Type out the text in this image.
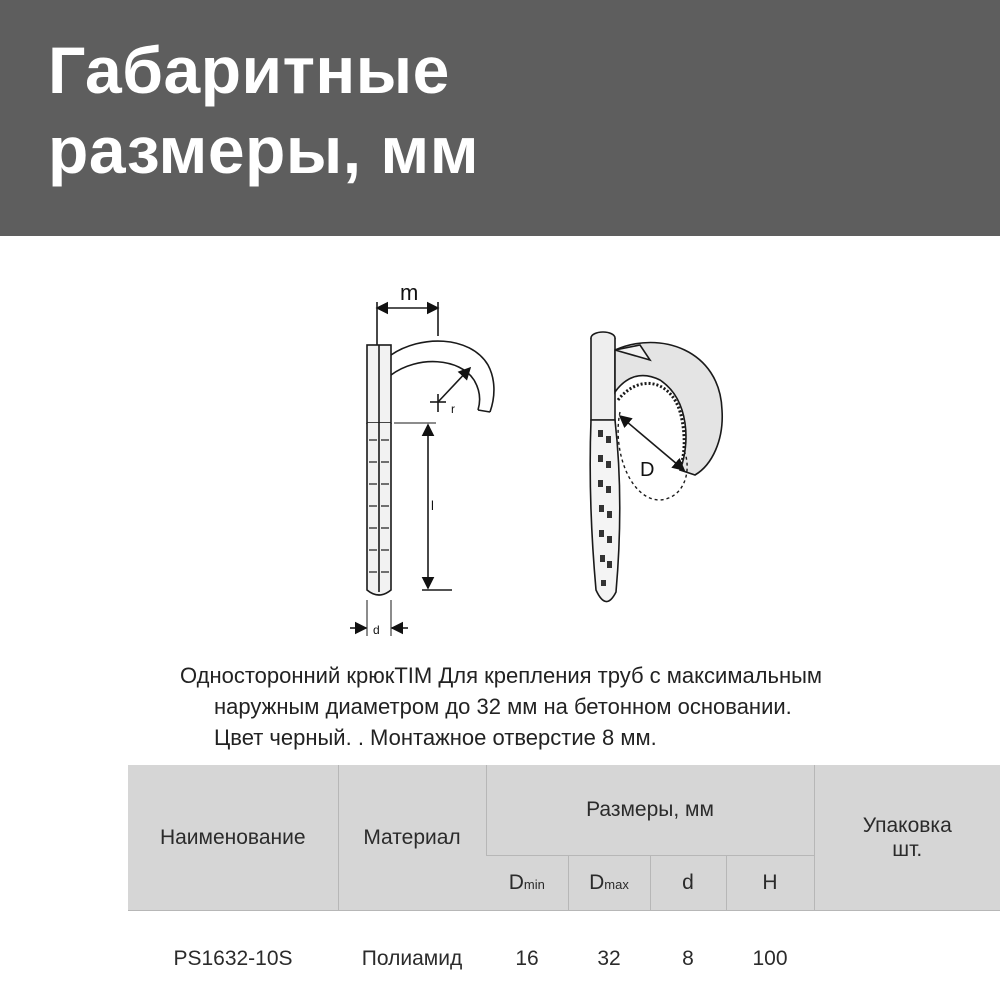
Габаритные
размеры, мм
m
r
l
d
D
Односторонний крюкTIM Для крепления труб с максимальным
наружным диаметром до 32 мм на бетонном основании.
Цвет черный. . Монтажное отверстие 8 мм.
Наименование	Материал	Размеры, мм				Упаковка
шт.

		Dmin	Dmax	d	H	
PS1632-10S	Полиамид	16	32	8	100	
